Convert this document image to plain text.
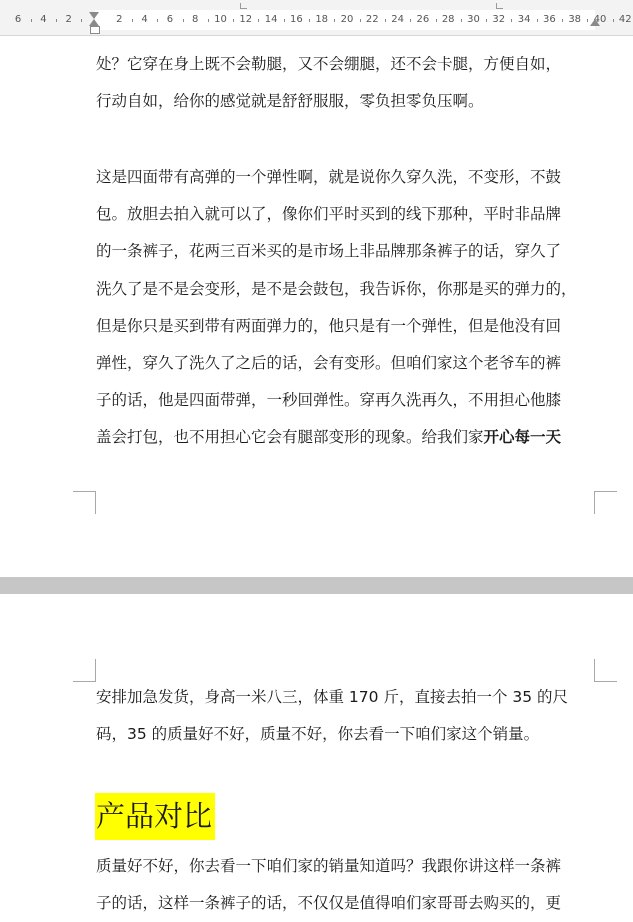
6 4 2	2 4 6 8 10 12 14 16 18 20 22 24 26 28 30 32 34 36 38 40 42
处？它穿在身上既不会勒腿，又不会绷腿，还不会卡腿，方便自如，
行动自如，给你的感觉就是舒舒服服，零负担零负压啊。
这是四面带有高弹的一个弹性啊，就是说你久穿久洗，不变形，不鼓
包。放胆去拍入就可以了，像你们平时买到的线下那种，平时非品牌
的一条裤子，花两三百米买的是市场上非品牌那条裤子的话，穿久了
洗久了是不是会变形，是不是会鼓包，我告诉你，你那是买的弹力的，
但是你只是买到带有两面弹力的，他只是有一个弹性，但是他没有回
弹性，穿久了洗久了之后的话，会有变形。但咱们家这个老爷车的裤
子的话，他是四面带弹，一秒回弹性。穿再久洗再久，不用担心他膝
盖会打包，也不用担心它会有腿部变形的现象。给我们家开心每一天
安排加急发货，身高一米八三，体重 170 斤，直接去拍一个 35 的尺
码，35 的质量好不好，质量不好，你去看一下咱们家这个销量。
产品对比
质量好不好，你去看一下咱们家的销量知道吗？我跟你讲这样一条裤
子的话，这样一条裤子的话，不仅仅是值得咱们家哥哥去购买的，更
